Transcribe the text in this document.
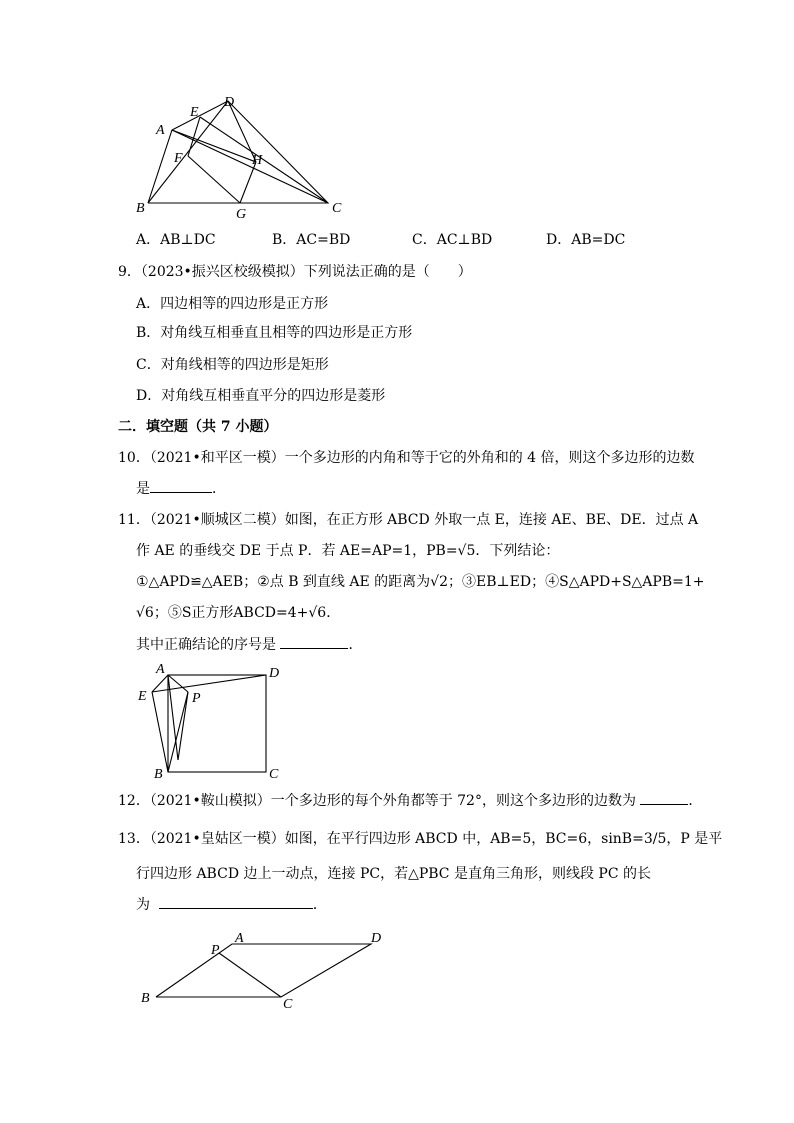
A
E
D
F	H
B	G	C
A．AB⊥DC	B．AC=BD	C．AC⊥BD	D．AB=DC
9．（2023•振兴区校级模拟）下列说法正确的是（　　）
A．四边相等的四边形是正方形
B．对角线互相垂直且相等的四边形是正方形
C．对角线相等的四边形是矩形
D．对角线互相垂直平分的四边形是菱形
二．填空题（共 7 小题）
10．（2021•和平区一模）一个多边形的内角和等于它的外角和的 4 倍，则这个多边形的边数
是	．
11．（2021•顺城区二模）如图，在正方形 ABCD 外取一点 E，连接 AE、BE、DE．过点 A
作 AE 的垂线交 DE 于点 P．若 AE=AP=1，PB=√5．下列结论：
①△APD≌△AEB；②点 B 到直线 AE 的距离为√2；③EB⊥ED；④S△APD+S△APB=1+
√6；⑤S正方形ABCD=4+√6．
其中正确结论的序号是	．
A	D
E	P
B	C
12．（2021•鞍山模拟）一个多边形的每个外角都等于 72°，则这个多边形的边数为	．
13．（2021•皇姑区一模）如图，在平行四边形 ABCD 中，AB=5，BC=6，sinB=3/5，P 是平
行四边形 ABCD 边上一动点，连接 PC，若△PBC 是直角三角形，则线段 PC 的长
为	．
A	D
P
B	C
